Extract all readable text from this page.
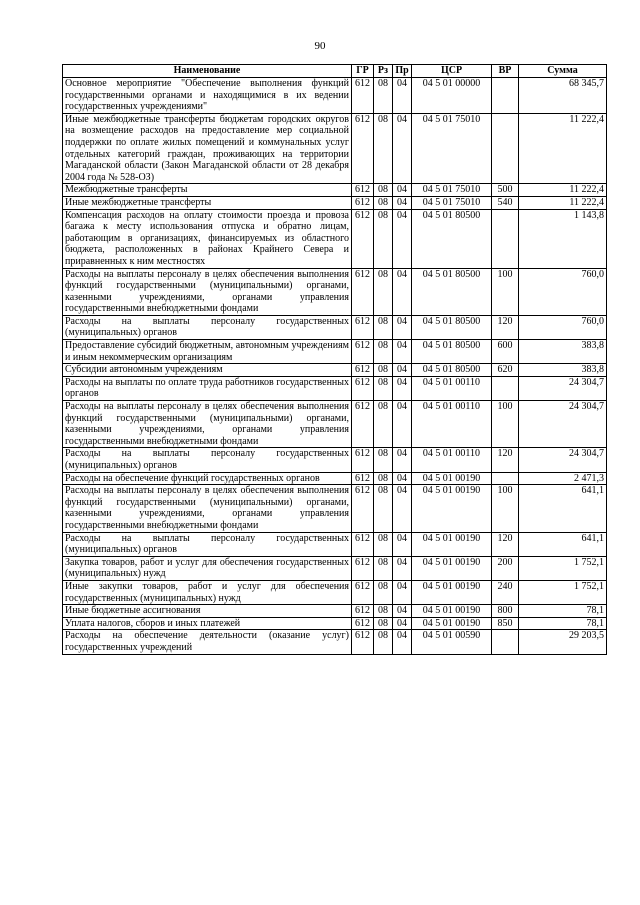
90
Наименование	ГР	Рз	Пр	ЦСР	ВР	Сумма
Основное мероприятие "Обеспечение выполнения функций государственными органами и находящимися в их ведении государственных учреждениями"	612	08	04	04 5 01 00000		68 345,7
Иные межбюджетные трансферты бюджетам городских округов на возмещение расходов на предоставление мер социальной поддержки по оплате жилых помещений и коммунальных услуг отдельных категорий граждан, проживающих на территории Магаданской области (Закон Магаданской области от 28 декабря 2004 года № 528-ОЗ)	612	08	04	04 5 01 75010		11 222,4
Межбюджетные трансферты	612	08	04	04 5 01 75010	500	11 222,4
Иные межбюджетные трансферты	612	08	04	04 5 01 75010	540	11 222,4
Компенсация расходов на оплату стоимости проезда и провоза багажа к месту использования отпуска и обратно лицам, работающим в организациях, финансируемых из областного бюджета, расположенных в районах Крайнего Севера и приравненных к ним местностях	612	08	04	04 5 01 80500		1 143,8
Расходы на выплаты персоналу в целях обеспечения выполнения функций государственными (муниципальными) органами, казенными учреждениями, органами управления государственными внебюджетными фондами	612	08	04	04 5 01 80500	100	760,0
Расходы на выплаты персоналу государственных (муниципальных) органов	612	08	04	04 5 01 80500	120	760,0
Предоставление субсидий бюджетным, автономным учреждениям и иным некоммерческим организациям	612	08	04	04 5 01 80500	600	383,8
Субсидии автономным учреждениям	612	08	04	04 5 01 80500	620	383,8
Расходы на выплаты по оплате труда работников государственных органов	612	08	04	04 5 01 00110		24 304,7
Расходы на выплаты персоналу в целях обеспечения выполнения функций государственными (муниципальными) органами, казенными учреждениями, органами управления государственными внебюджетными фондами	612	08	04	04 5 01 00110	100	24 304,7
Расходы на выплаты персоналу государственных (муниципальных) органов	612	08	04	04 5 01 00110	120	24 304,7
Расходы на обеспечение функций государственных органов	612	08	04	04 5 01 00190		2 471,3
Расходы на выплаты персоналу в целях обеспечения выполнения функций государственными (муниципальными) органами, казенными учреждениями, органами управления государственными внебюджетными фондами	612	08	04	04 5 01 00190	100	641,1
Расходы на выплаты персоналу государственных (муниципальных) органов	612	08	04	04 5 01 00190	120	641,1
Закупка товаров, работ и услуг для обеспечения государственных (муниципальных) нужд	612	08	04	04 5 01 00190	200	1 752,1
Иные закупки товаров, работ и услуг для обеспечения государственных (муниципальных) нужд	612	08	04	04 5 01 00190	240	1 752,1
Иные бюджетные ассигнования	612	08	04	04 5 01 00190	800	78,1
Уплата налогов, сборов и иных платежей	612	08	04	04 5 01 00190	850	78,1
Расходы на обеспечение деятельности (оказание услуг) государственных учреждений	612	08	04	04 5 01 00590		29 203,5
